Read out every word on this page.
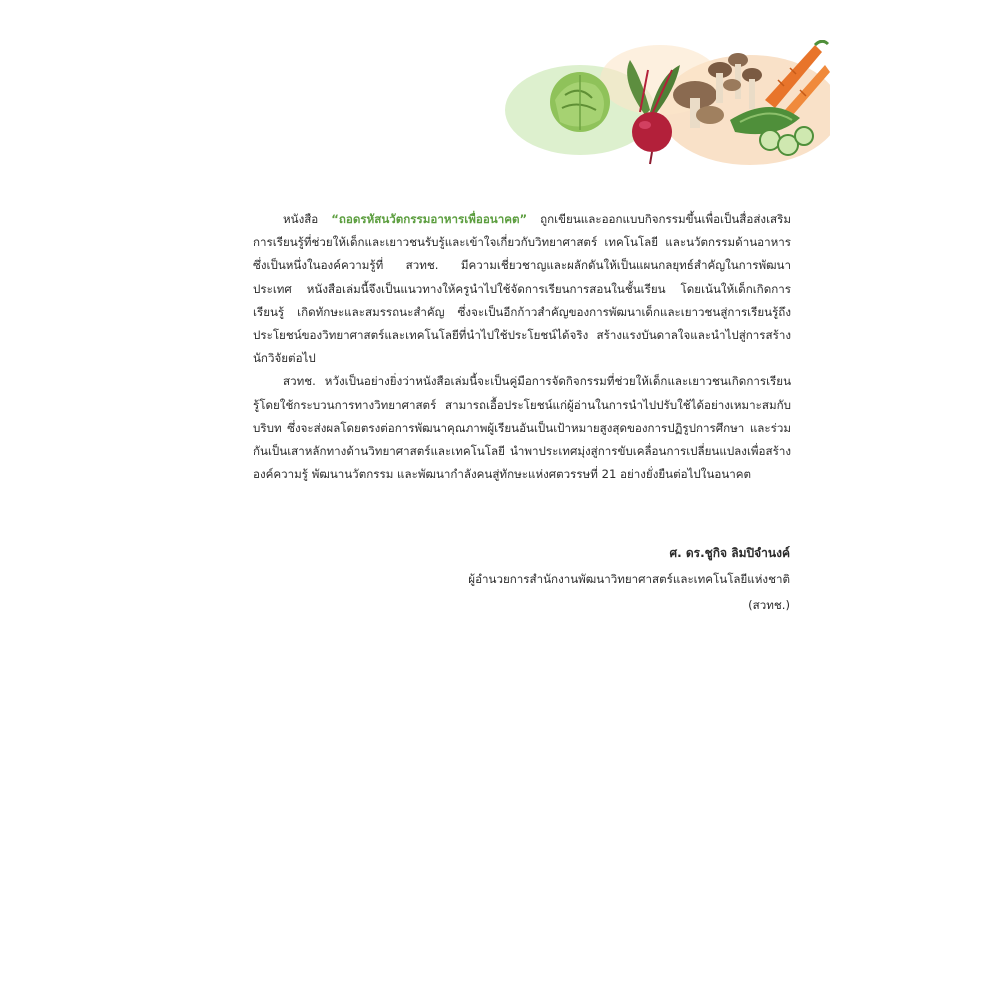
หนังสือ “ถอดรหัสนวัตกรรมอาหารเพื่ออนาคต” ถูกเขียนและออกแบบกิจกรรมขึ้นเพื่อเป็นสื่อส่งเสริมการเรียนรู้ที่ช่วยให้เด็กและเยาวชนรับรู้และเข้าใจเกี่ยวกับวิทยาศาสตร์ เทคโนโลยี และนวัตกรรมด้านอาหาร ซึ่งเป็นหนึ่งในองค์ความรู้ที่ สวทช. มีความเชี่ยวชาญและผลักดันให้เป็นแผนกลยุทธ์สำคัญในการพัฒนาประเทศ หนังสือเล่มนี้จึงเป็นแนวทางให้ครูนำไปใช้จัดการเรียนการสอนในชั้นเรียน โดยเน้นให้เด็กเกิดการเรียนรู้ เกิดทักษะและสมรรถนะสำคัญ ซึ่งจะเป็นอีกก้าวสำคัญของการพัฒนาเด็กและเยาวชนสู่การเรียนรู้ถึงประโยชน์ของวิทยาศาสตร์และเทคโนโลยีที่นำไปใช้ประโยชน์ได้จริง สร้างแรงบันดาลใจและนำไปสู่การสร้างนักวิจัยต่อไป

สวทช. หวังเป็นอย่างยิ่งว่าหนังสือเล่มนี้จะเป็นคู่มือการจัดกิจกรรมที่ช่วยให้เด็กและเยาวชนเกิดการเรียนรู้โดยใช้กระบวนการทางวิทยาศาสตร์ สามารถเอื้อประโยชน์แก่ผู้อ่านในการนำไปปรับใช้ได้อย่างเหมาะสมกับบริบท ซึ่งจะส่งผลโดยตรงต่อการพัฒนาคุณภาพผู้เรียนอันเป็นเป้าหมายสูงสุดของการปฏิรูปการศึกษา และร่วมกันเป็นเสาหลักทางด้านวิทยาศาสตร์และเทคโนโลยี นำพาประเทศมุ่งสู่การขับเคลื่อนการเปลี่ยนแปลงเพื่อสร้างองค์ความรู้ พัฒนานวัตกรรม และพัฒนากำลังคนสู่ทักษะแห่งศตวรรษที่ 21 อย่างยั่งยืนต่อไปในอนาคต

ศ. ดร.ชูกิจ ลิมปิจำนงค์
ผู้อำนวยการสำนักงานพัฒนาวิทยาศาสตร์และเทคโนโลยีแห่งชาติ
(สวทช.)
